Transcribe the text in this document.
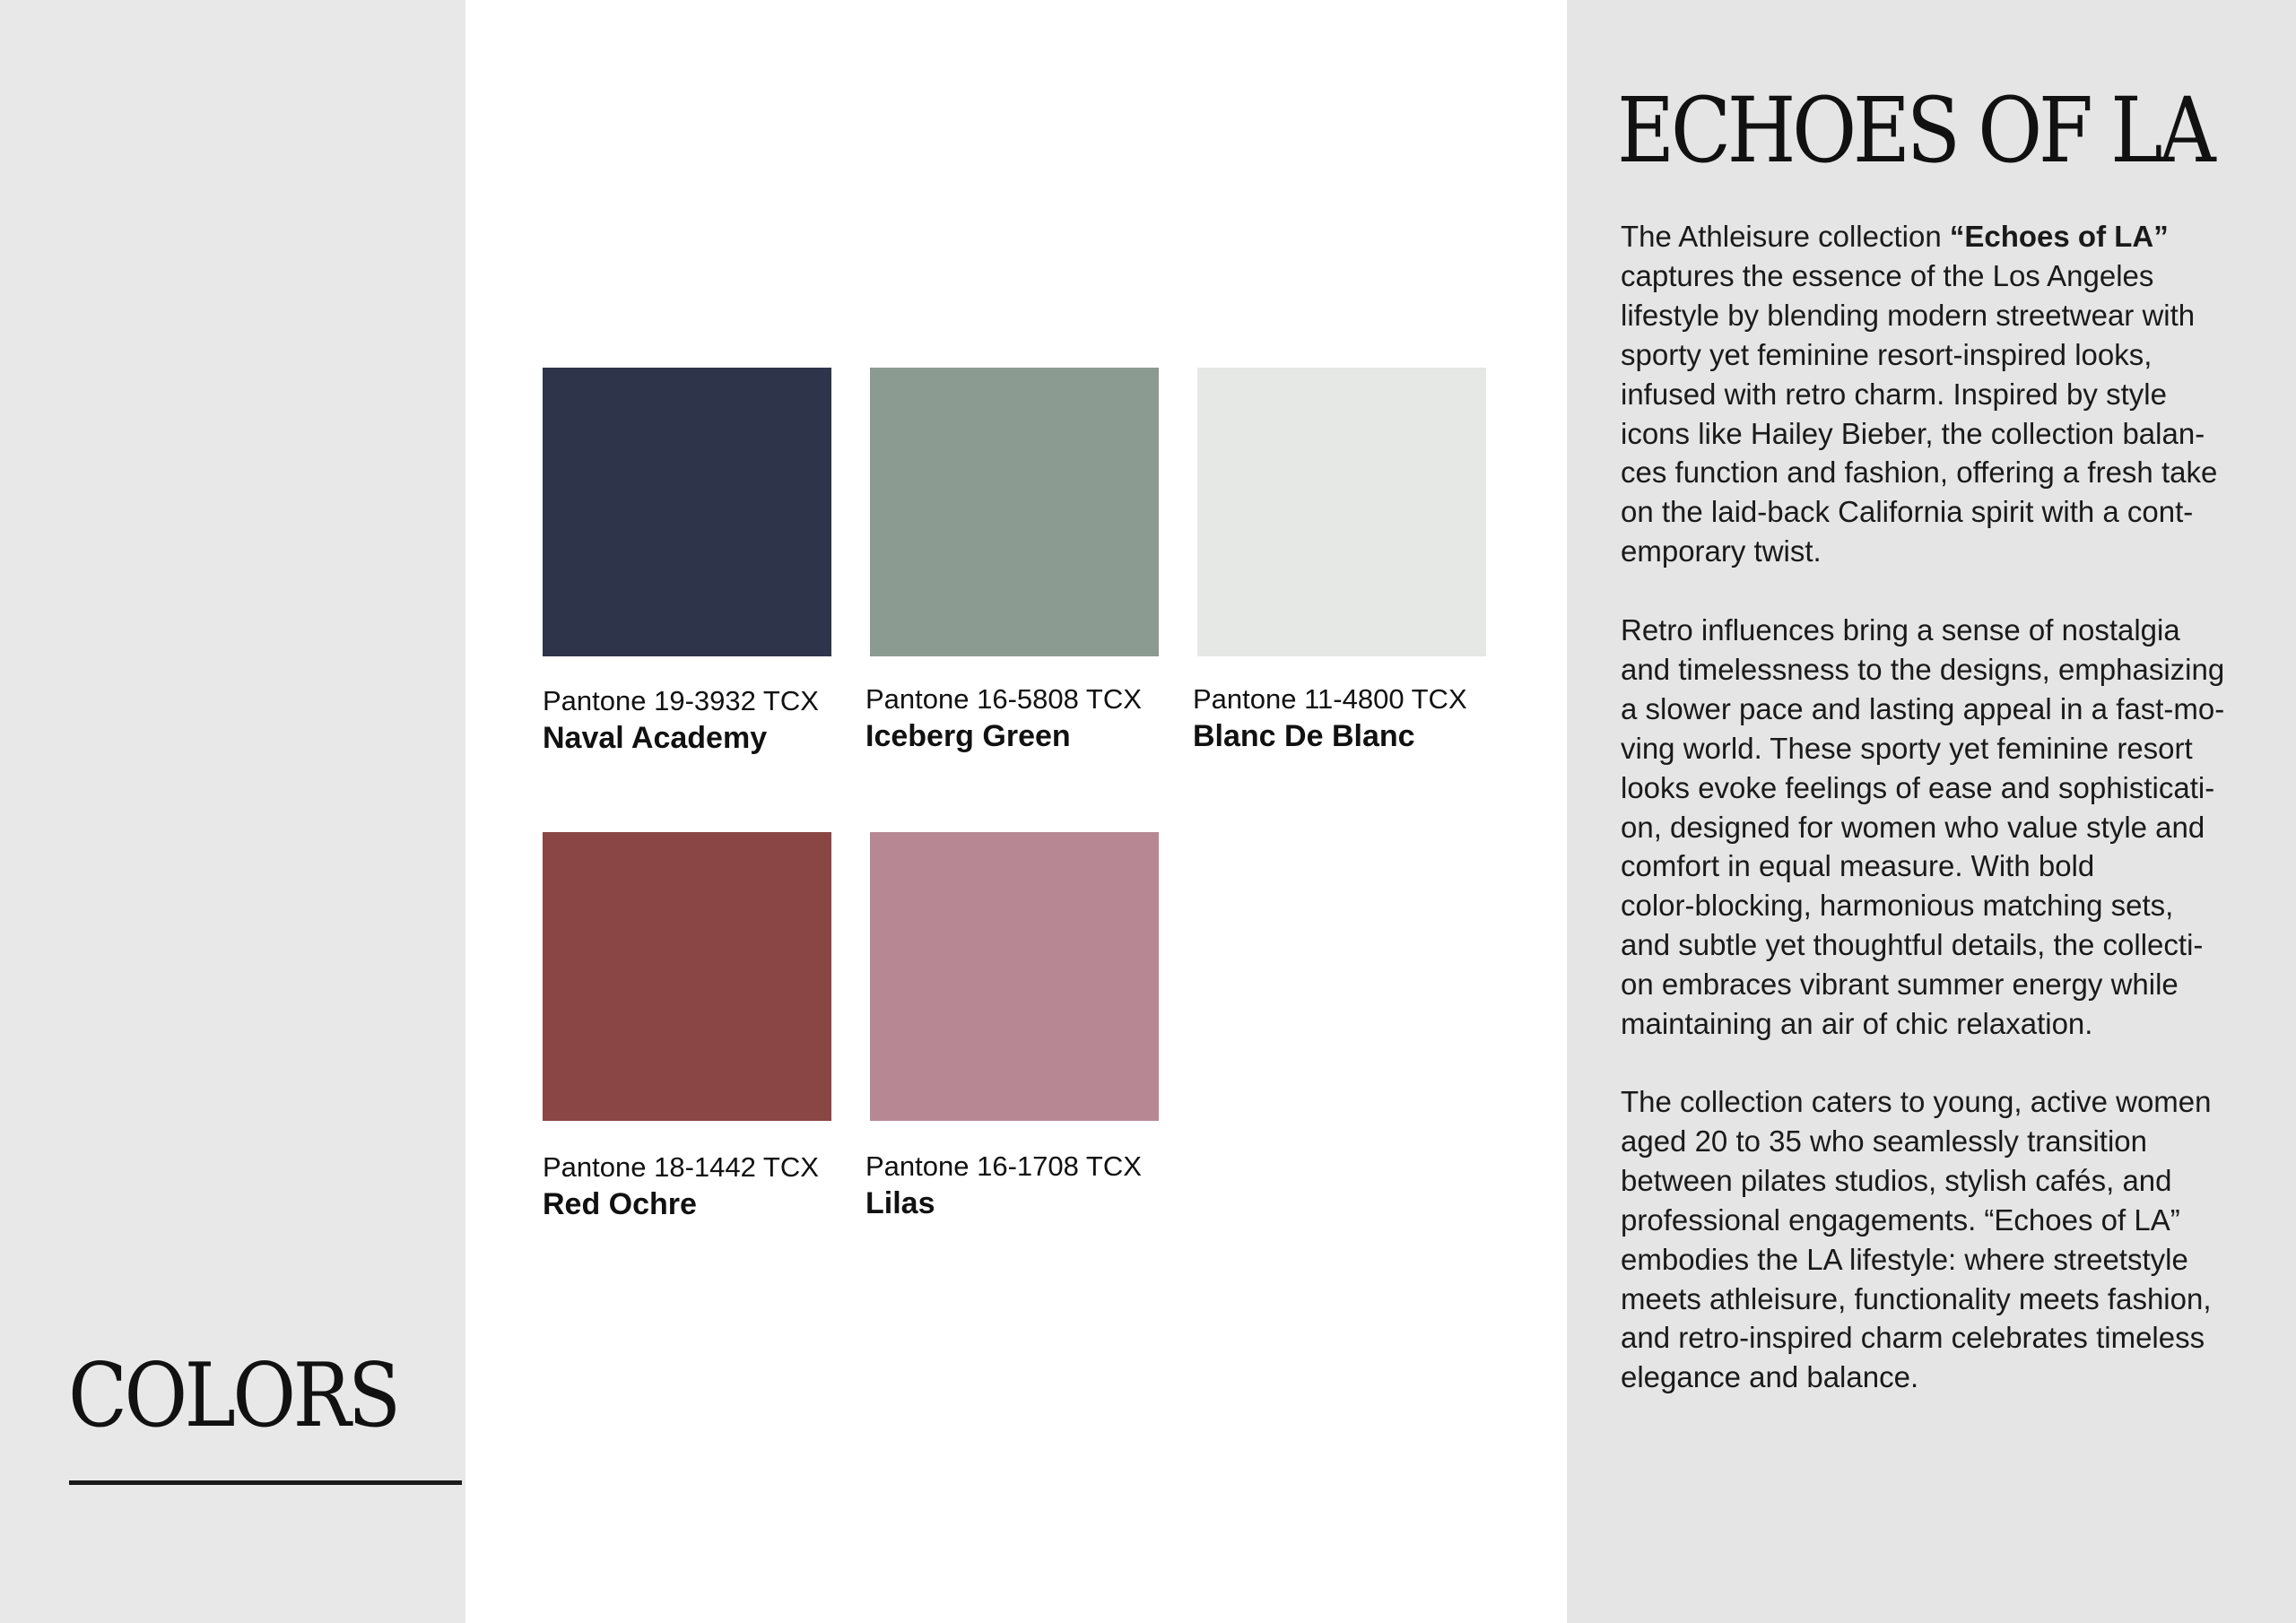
COLORS
Pantone 19-3932 TCX
Naval Academy
Pantone 16-5808 TCX
Iceberg Green
Pantone 11-4800 TCX
Blanc De Blanc
Pantone 18-1442 TCX
Red Ochre
Pantone 16-1708 TCX
Lilas
ECHOES OF LA
The Athleisure collection “Echoes of LA”
captures the essence of the Los Angeles
lifestyle by blending modern streetwear with
sporty yet feminine resort-inspired looks,
infused with retro charm. Inspired by style
icons like Hailey Bieber, the collection balan-
ces function and fashion, offering a fresh take
on the laid-back California spirit with a cont-
emporary twist.
Retro influences bring a sense of nostalgia
and timelessness to the designs, emphasizing
a slower pace and lasting appeal in a fast-mo-
ving world. These sporty yet feminine resort
looks evoke feelings of ease and sophisticati-
on, designed for women who value style and
comfort in equal measure. With bold
color-blocking, harmonious matching sets,
and subtle yet thoughtful details, the collecti-
on embraces vibrant summer energy while
maintaining an air of chic relaxation.
The collection caters to young, active women
aged 20 to 35 who seamlessly transition
between pilates studios, stylish cafés, and
professional engagements. “Echoes of LA”
embodies the LA lifestyle: where streetstyle
meets athleisure, functionality meets fashion,
and retro-inspired charm celebrates timeless
elegance and balance.
